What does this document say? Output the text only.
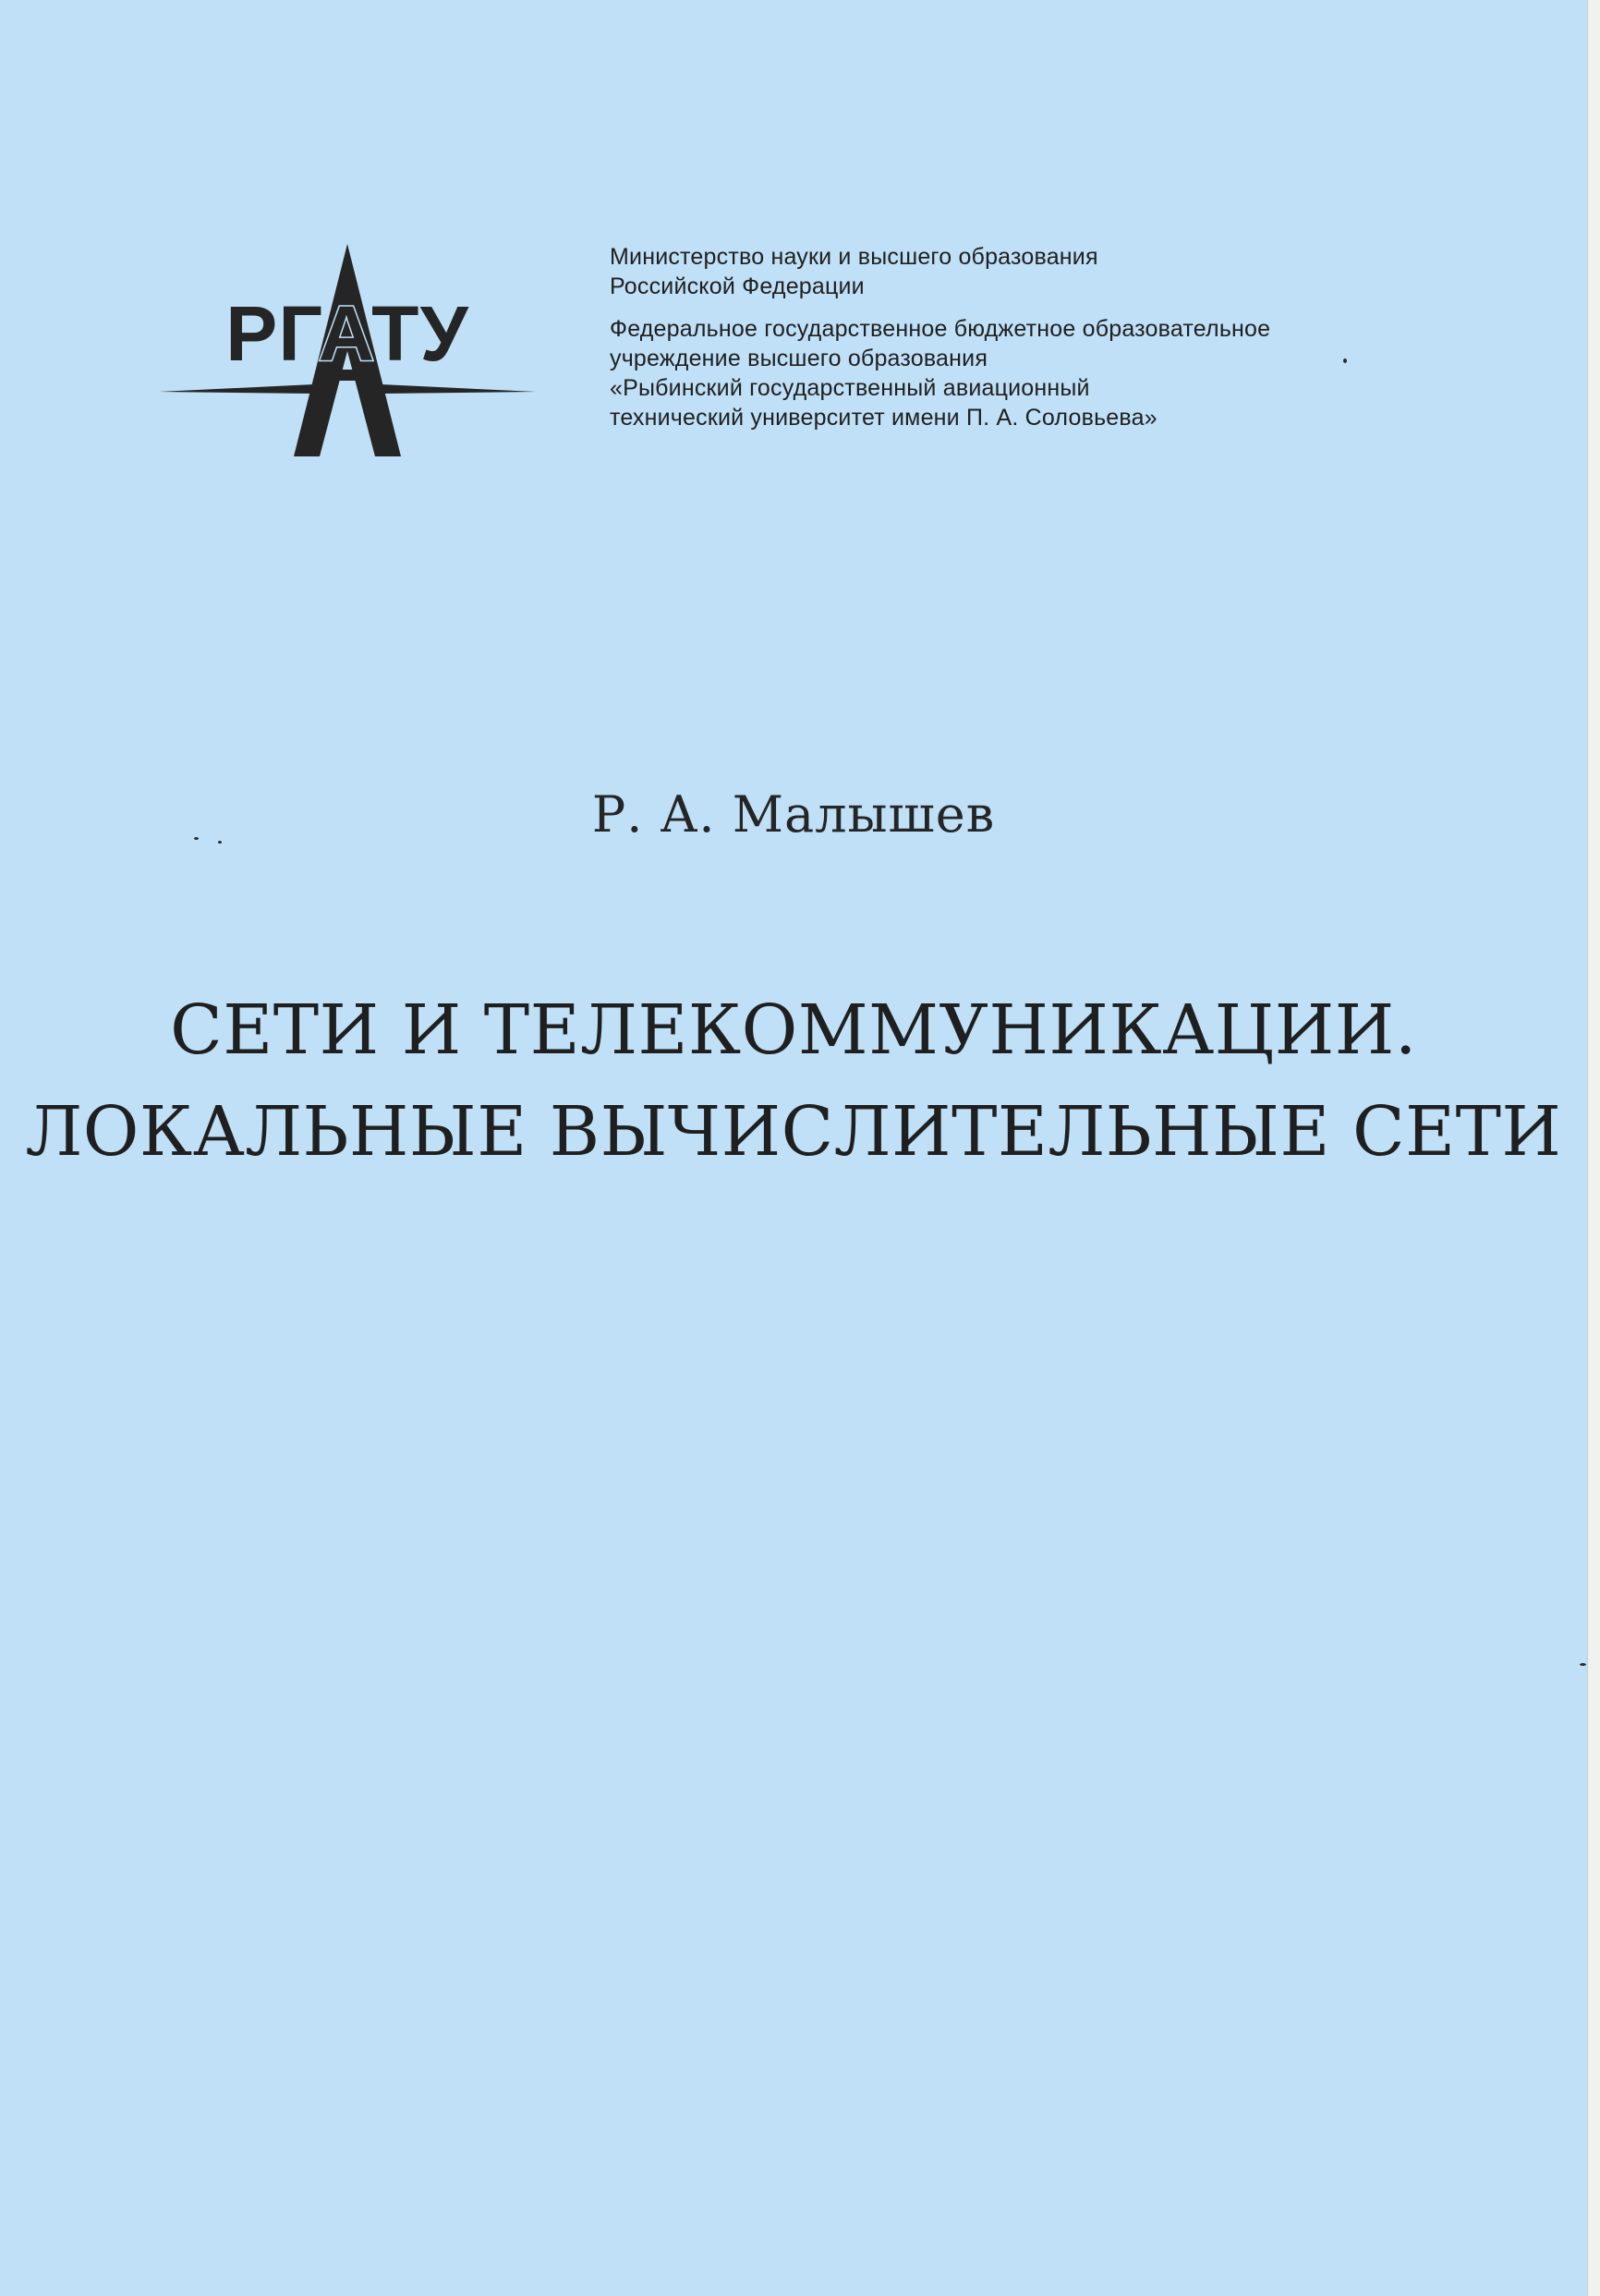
РГАТУ
Министерство науки и высшего образования
Российской Федерации
Федеральное государственное бюджетное образовательное
учреждение высшего образования
«Рыбинский государственный авиационный
технический университет имени П. А. Соловьева»
Р. А. Малышев
СЕТИ И ТЕЛЕКОММУНИКАЦИИ.
ЛОКАЛЬНЫЕ ВЫЧИСЛИТЕЛЬНЫЕ СЕТИ
